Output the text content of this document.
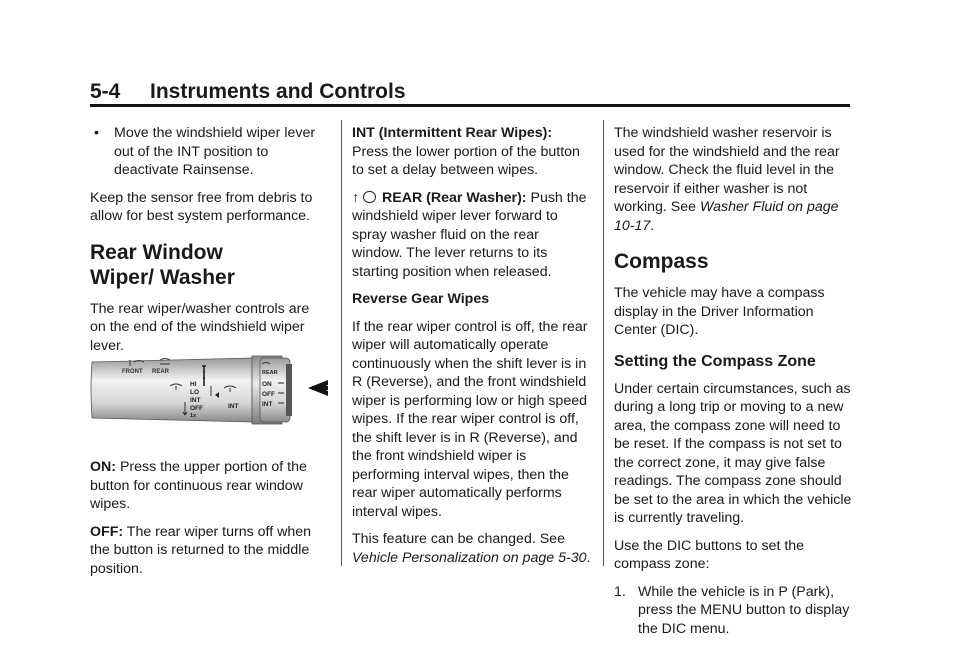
5-4 Instruments and Controls
• Move the windshield wiper lever out of the INT position to deactivate Rainsense.

Keep the sensor free from debris to allow for best system performance.

Rear Window Wiper/ Washer

The rear wiper/washer controls are on the end of the windshield wiper lever.

FRONT REAR
HI
LO
INT
OFF
1x
INT
REAR
ON
OFF
INT

ON: Press the upper portion of the button for continuous rear window wipes.

OFF: The rear wiper turns off when the button is returned to the middle position.

INT (Intermittent Rear Wipes): Press the lower portion of the button to set a delay between wipes.

↑ REAR (Rear Washer): Push the windshield wiper lever forward to spray washer fluid on the rear window. The lever returns to its starting position when released.

Reverse Gear Wipes

If the rear wiper control is off, the rear wiper will automatically operate continuously when the shift lever is in R (Reverse), and the front windshield wiper is performing low or high speed wipes. If the rear wiper control is off, the shift lever is in R (Reverse), and the front windshield wiper is performing interval wipes, then the rear wiper automatically performs interval wipes.

This feature can be changed. See Vehicle Personalization on page 5-30.

The windshield washer reservoir is used for the windshield and the rear window. Check the fluid level in the reservoir if either washer is not working. See Washer Fluid on page 10-17.

Compass

The vehicle may have a compass display in the Driver Information Center (DIC).

Setting the Compass Zone

Under certain circumstances, such as during a long trip or moving to a new area, the compass zone will need to be reset. If the compass is not set to the correct zone, it may give false readings. The compass zone should be set to the area in which the vehicle is currently traveling.

Use the DIC buttons to set the compass zone:

1. While the vehicle is in P (Park), press the MENU button to display the DIC menu.
